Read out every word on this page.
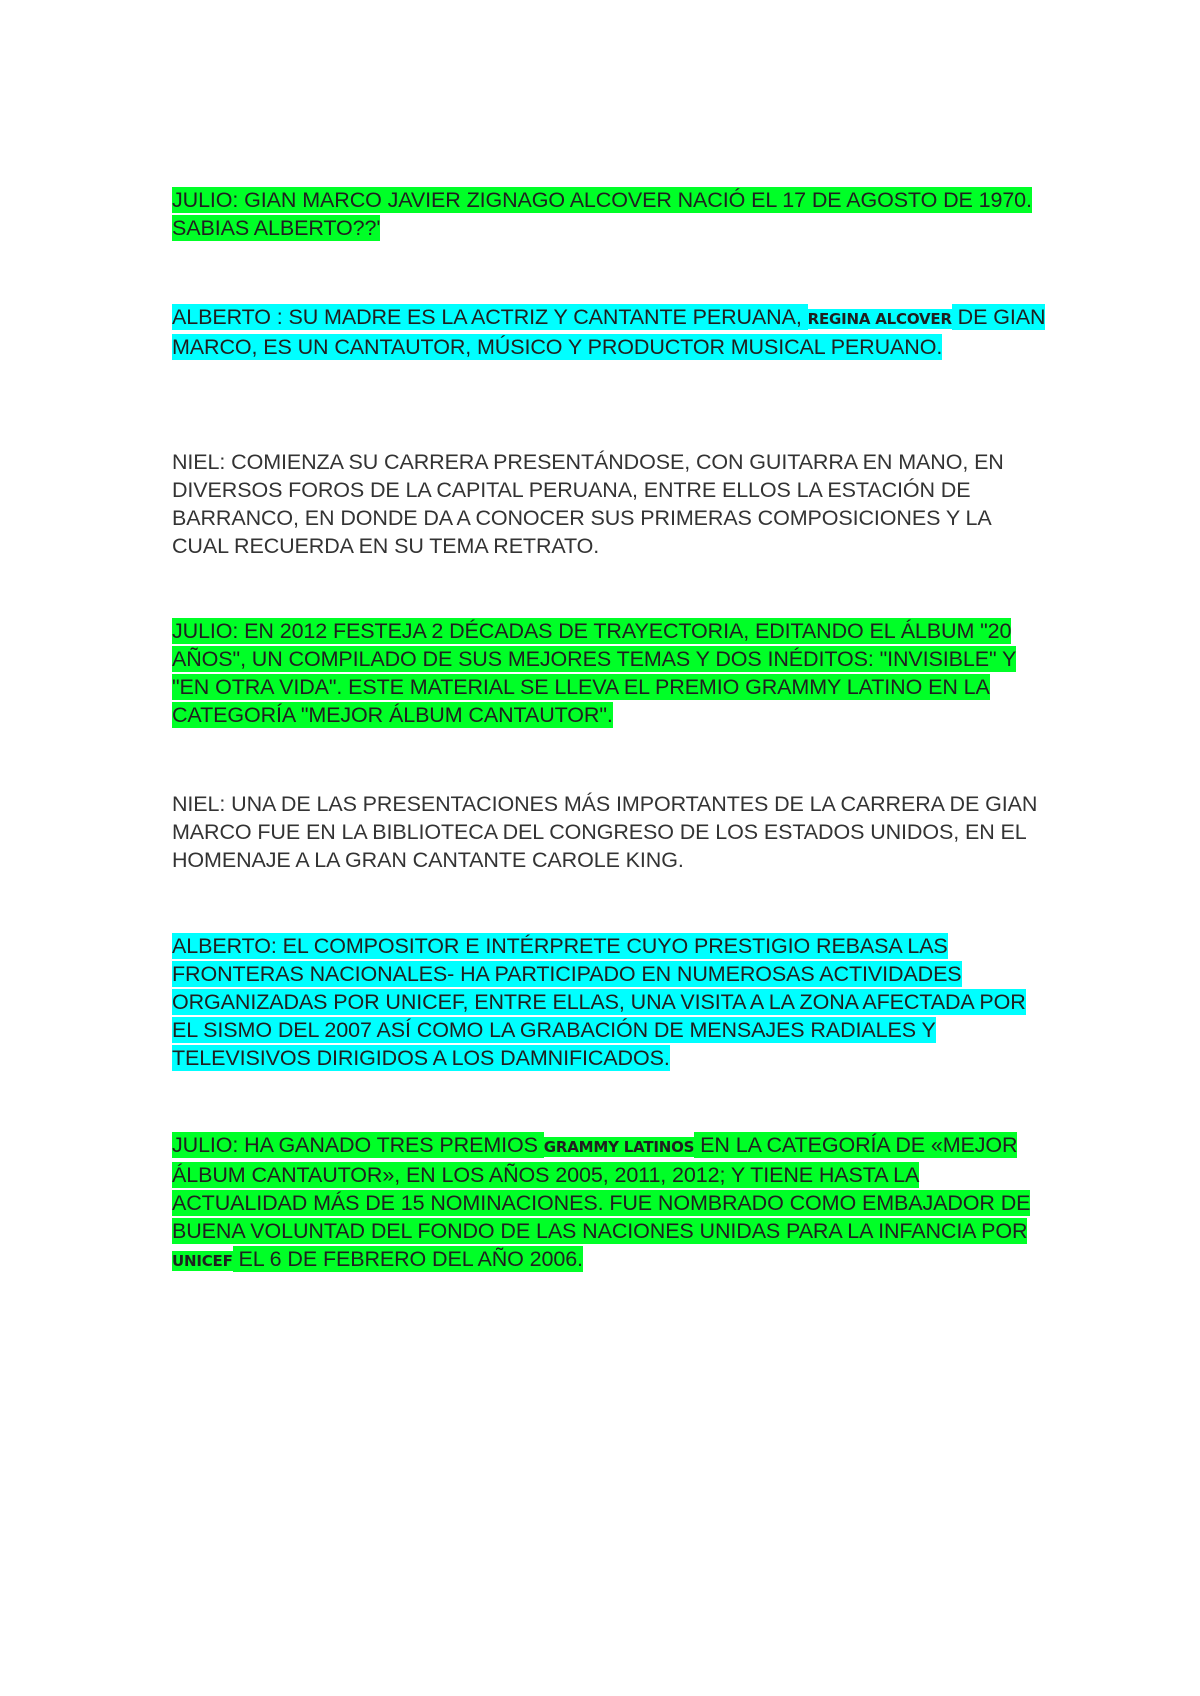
JULIO: GIAN MARCO JAVIER ZIGNAGO ALCOVER NACIÓ EL 17 DE AGOSTO DE 1970. SABIAS ALBERTO??'

ALBERTO : SU MADRE ES LA ACTRIZ Y CANTANTE PERUANA, REGINA ALCOVER DE GIAN MARCO, ES UN CANTAUTOR, MÚSICO Y PRODUCTOR MUSICAL PERUANO.

NIEL: COMIENZA SU CARRERA PRESENTÁNDOSE, CON GUITARRA EN MANO, EN DIVERSOS FOROS DE LA CAPITAL PERUANA, ENTRE ELLOS LA ESTACIÓN DE BARRANCO, EN DONDE DA A CONOCER SUS PRIMERAS COMPOSICIONES Y LA CUAL RECUERDA EN SU TEMA RETRATO.

JULIO: EN 2012 FESTEJA 2 DÉCADAS DE TRAYECTORIA, EDITANDO EL ÁLBUM "20 AÑOS", UN COMPILADO DE SUS MEJORES TEMAS Y DOS INÉDITOS: "INVISIBLE" Y "EN OTRA VIDA". ESTE MATERIAL SE LLEVA EL PREMIO GRAMMY LATINO EN LA CATEGORÍA "MEJOR ÁLBUM CANTAUTOR".

NIEL: UNA DE LAS PRESENTACIONES MÁS IMPORTANTES DE LA CARRERA DE GIAN MARCO FUE EN LA BIBLIOTECA DEL CONGRESO DE LOS ESTADOS UNIDOS, EN EL HOMENAJE A LA GRAN CANTANTE CAROLE KING.

ALBERTO: EL COMPOSITOR E INTÉRPRETE CUYO PRESTIGIO REBASA LAS FRONTERAS NACIONALES- HA PARTICIPADO EN NUMEROSAS ACTIVIDADES ORGANIZADAS POR UNICEF, ENTRE ELLAS, UNA VISITA A LA ZONA AFECTADA POR EL SISMO DEL 2007 ASÍ COMO LA GRABACIÓN DE MENSAJES RADIALES Y TELEVISIVOS DIRIGIDOS A LOS DAMNIFICADOS.

JULIO: HA GANADO TRES PREMIOS GRAMMY LATINOS EN LA CATEGORÍA DE «MEJOR ÁLBUM CANTAUTOR», EN LOS AÑOS 2005, 2011, 2012; Y TIENE HASTA LA ACTUALIDAD MÁS DE 15 NOMINACIONES. FUE NOMBRADO COMO EMBAJADOR DE BUENA VOLUNTAD DEL FONDO DE LAS NACIONES UNIDAS PARA LA INFANCIA POR UNICEF EL 6 DE FEBRERO DEL AÑO 2006.
